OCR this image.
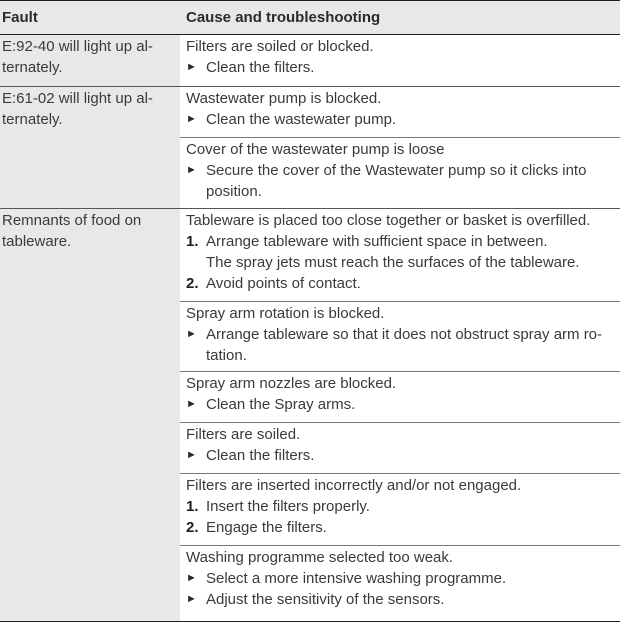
Fault	Cause and troubleshooting
E:92-40 will light up al-
ternately.
Filters are soiled or blocked.
► Clean the filters.
E:61-02 will light up al-
ternately.
Wastewater pump is blocked.
► Clean the wastewater pump.
Cover of the wastewater pump is loose
► Secure the cover of the Wastewater pump so it clicks into
position.
Remnants of food on
tableware.
Tableware is placed too close together or basket is overfilled.
1. Arrange tableware with sufficient space in between.
The spray jets must reach the surfaces of the tableware.
2. Avoid points of contact.
Spray arm rotation is blocked.
► Arrange tableware so that it does not obstruct spray arm ro-
tation.
Spray arm nozzles are blocked.
► Clean the Spray arms.
Filters are soiled.
► Clean the filters.
Filters are inserted incorrectly and/or not engaged.
1. Insert the filters properly.
2. Engage the filters.
Washing programme selected too weak.
► Select a more intensive washing programme.
► Adjust the sensitivity of the sensors.
